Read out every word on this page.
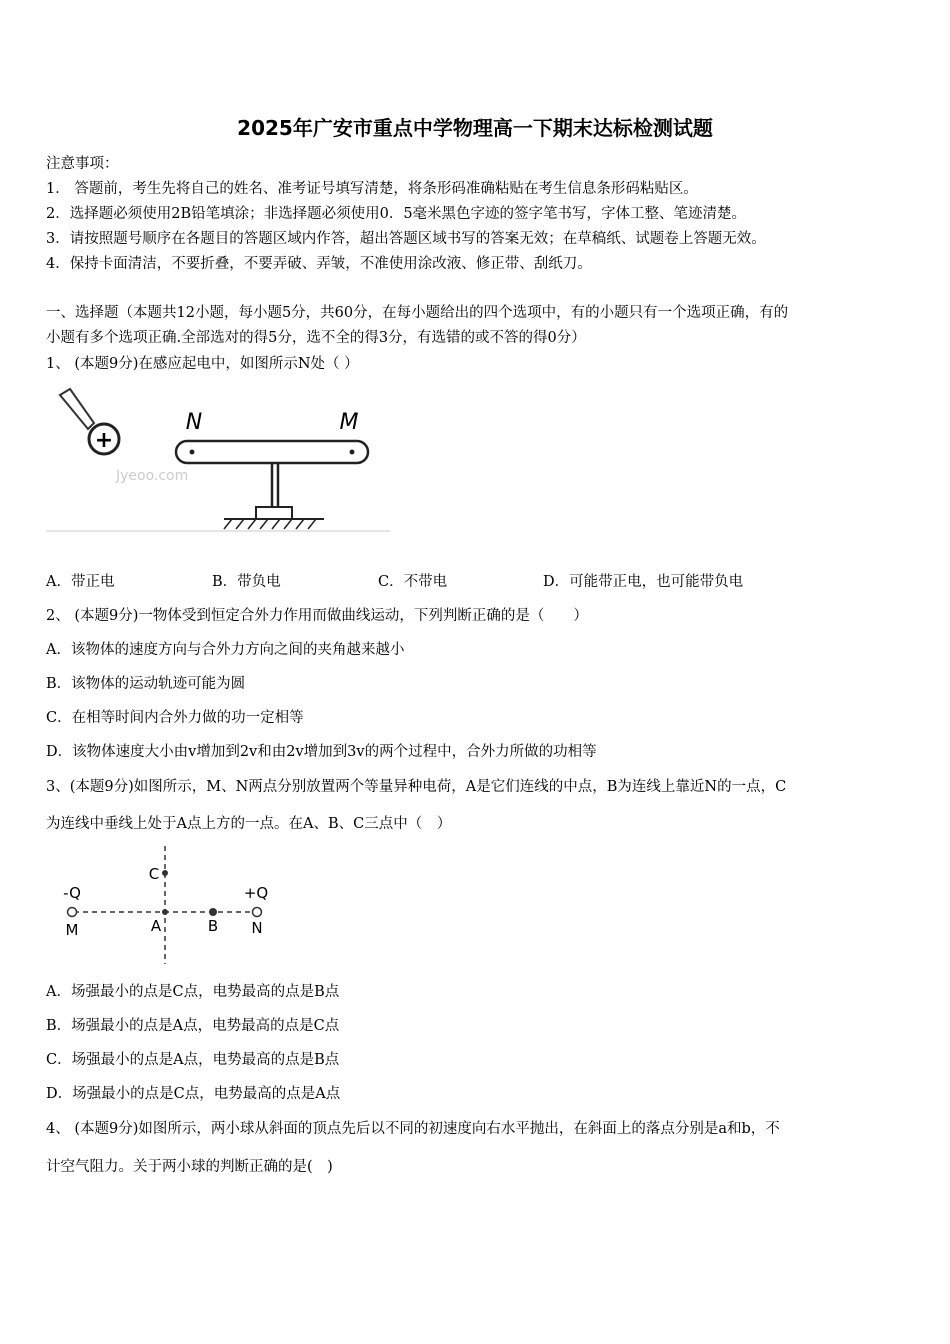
2025年广安市重点中学物理高一下期末达标检测试题
注意事项：
1． 答题前，考生先将自己的姓名、准考证号填写清楚，将条形码准确粘贴在考生信息条形码粘贴区。
2．选择题必须使用2B铅笔填涂；非选择题必须使用0．5毫米黑色字迹的签字笔书写，字体工整、笔迹清楚。
3．请按照题号顺序在各题目的答题区域内作答，超出答题区域书写的答案无效；在草稿纸、试题卷上答题无效。
4．保持卡面清洁，不要折叠，不要弄破、弄皱，不准使用涂改液、修正带、刮纸刀。
一、选择题（本题共12小题，每小题5分，共60分，在每小题给出的四个选项中，有的小题只有一个选项正确，有的
小题有多个选项正确.全部选对的得5分，选不全的得3分，有选错的或不答的得0分）
1、 (本题9分)在感应起电中，如图所示N处（ ）
+
Jyeoo.com
N	M
A．带正电	B．带负电	C．不带电	D．可能带正电，也可能带负电
2、 (本题9分)一物体受到恒定合外力作用而做曲线运动，下列判断正确的是（　　）
A．该物体的速度方向与合外力方向之间的夹角越来越小
B．该物体的运动轨迹可能为圆
C．在相等时间内合外力做的功一定相等
D．该物体速度大小由v增加到2v和由2v增加到3v的两个过程中，合外力所做的功相等
3、(本题9分)如图所示，M、N两点分别放置两个等量异种电荷，A是它们连线的中点，B为连线上靠近N的一点，C
为连线中垂线上处于A点上方的一点。在A、B、C三点中（　）
-Q	+Q
M	N
A	B
C
A．场强最小的点是C点，电势最高的点是B点
B．场强最小的点是A点，电势最高的点是C点
C．场强最小的点是A点，电势最高的点是B点
D．场强最小的点是C点，电势最高的点是A点
4、 (本题9分)如图所示，两小球从斜面的顶点先后以不同的初速度向右水平抛出，在斜面上的落点分别是a和b，不
计空气阻力。关于两小球的判断正确的是(　)
